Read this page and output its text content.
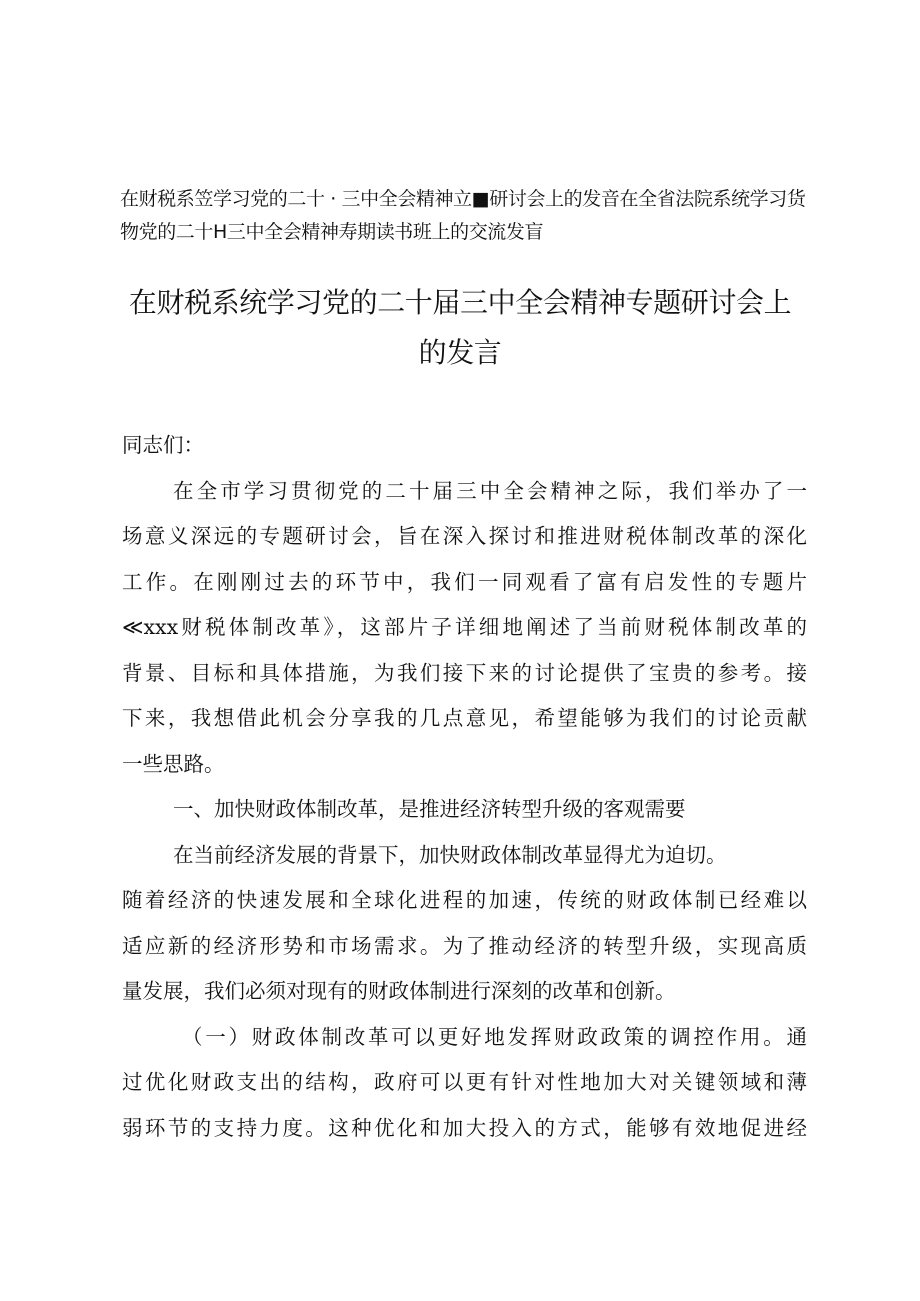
在财税系笠学习党的二十 · 三中全会精神立■研讨会上的发音在全省法院系统学习货
物党的二十H三中全会精神寿期读书班上的交流发盲
在财税系统学习党的二十届三中全会精神专题研讨会上
的发言
同志们：
在全市学习贯彻党的二十届三中全会精神之际，我们举办了一
场意义深远的专题研讨会，旨在深入探讨和推进财税体制改革的深化
工作。在刚刚过去的环节中，我们一同观看了富有启发性的专题片
≪xxx财税体制改革》，这部片子详细地阐述了当前财税体制改革的
背景、目标和具体措施，为我们接下来的讨论提供了宝贵的参考。接
下来，我想借此机会分享我的几点意见，希望能够为我们的讨论贡献
一些思路。
一、加快财政体制改革，是推进经济转型升级的客观需要
在当前经济发展的背景下，加快财政体制改革显得尤为迫切。
随着经济的快速发展和全球化进程的加速，传统的财政体制已经难以
适应新的经济形势和市场需求。为了推动经济的转型升级，实现高质
量发展，我们必须对现有的财政体制进行深刻的改革和创新。
（一）财政体制改革可以更好地发挥财政政策的调控作用。通
过优化财政支出的结构，政府可以更有针对性地加大对关键领域和薄
弱环节的支持力度。这种优化和加大投入的方式，能够有效地促进经
